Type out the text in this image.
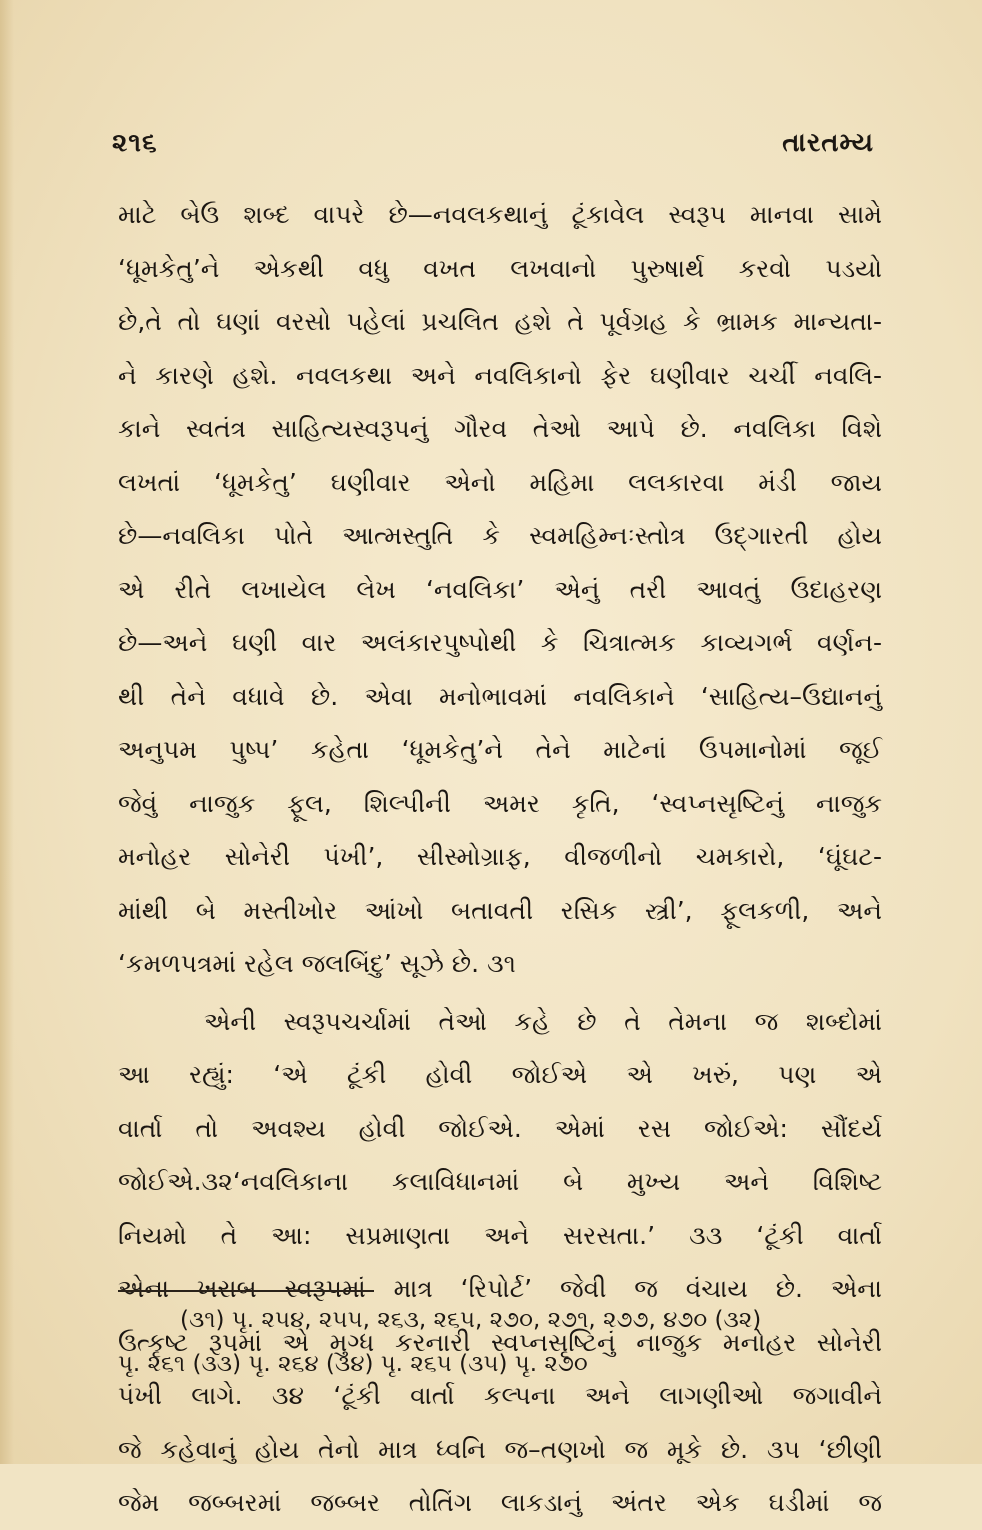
૨૧૬	તારતમ્ય

માટે બેઉ શબ્દ વાપરે છે—નવલકથાનું ટૂંકાવેલ સ્વરૂપ માનવા સામે
‘ધૂમકેતુ’ને એકથી વધુ વખત લખવાનો પુરુષાર્થ કરવો પડયો
છે,તે તો ઘણાં વરસો પહેલાં પ્રચલિત હશે તે પૂર્વગ્રહ કે ભ્રામક માન્યતા-
ને કારણે હશે. નવલકથા અને નવલિકાનો ફેર ઘણીવાર ચર્ચી નવલિ-
કાને સ્વતંત્ર સાહિત્યસ્વરૂપનું ગૌરવ તેઓ આપે છે. નવલિકા વિશે
લખતાં ‘ધૂમકેતુ’ ઘણીવાર એનો મહિમા લલકારવા મંડી જાય
છે—નવલિકા પોતે આત્મસ્તુતિ કે સ્વમહિમ્નઃસ્તોત્ર ઉદ્ગારતી હોય
એ રીતે લખાયેલ લેખ ‘નવલિકા’ એનું તરી આવતું ઉદાહરણ
છે—અને ઘણી વાર અલંકારપુષ્પોથી કે ચિત્રાત્મક કાવ્યગર્ભ વર્ણન-
થી તેને વધાવે છે. એવા મનોભાવમાં નવલિકાને ‘સાહિત્ય–ઉદ્યાનનું
અનુપમ પુષ્પ’ કહેતા ‘ધૂમકેતુ’ને તેને માટેનાં ઉપમાનોમાં જૂઈ
જેવું નાજુક ફૂલ, શિલ્પીની અમર કૃતિ, ‘સ્વપ્નસૃષ્ટિનું નાજુક
મનોહર સોનેરી પંખી’, સીસ્મોગ્રાફ, વીજળીનો ચમકારો, ‘ઘૂંઘટ-
માંથી બે મસ્તીખોર આંખો બતાવતી રસિક સ્ત્રી’, ફૂલકળી, અને
‘કમળપત્રમાં રહેલ જલબિંદુ’ સૂઝે છે. ૩૧

એની સ્વરૂપચર્ચામાં તેઓ કહે છે તે તેમના જ શબ્દોમાં
આ રહ્યું: ‘એ ટૂંકી હોવી જોઈએ એ ખરું, પણ એ
વાર્તા તો અવશ્ય હોવી જોઈએ. એમાં રસ જોઈએ: સૌંદર્ય
જોઈએ.૩૨‘નવલિકાના કલાવિધાનમાં બે મુખ્ય અને વિશિષ્ટ
નિયમો તે આ: સપ્રમાણતા અને સરસતા.’ ૩૩ ‘ટૂંકી વાર્તા
એના ખરાબ સ્વરૂપમાં માત્ર ‘રિપોર્ટ’ જેવી જ વંચાય છે. એના
ઉત્કૃષ્ટ રૂપમાં એ મુગ્ધ કરનારી સ્વપ્નસૃષ્ટિનું નાજુક મનોહર સોનેરી
પંખી લાગે. ૩૪ ‘ટૂંકી વાર્તા કલ્પના અને લાગણીઓ જગાવીને
જે કહેવાનું હોય તેનો માત્ર ધ્વનિ જ–તણખો જ મૂકે છે. ૩૫ ‘છીણી
જેમ જબ્બરમાં જબ્બર તોતિંગ લાકડાનું અંતર એક ઘડીમાં જ

(૩૧) પૃ. ૨૫૪, ૨૫૫, ૨૬૩, ૨૬૫, ૨૭૦, ૨૭૧, ૨૭૭, ૪૭૦ (૩૨)
પૃ. ૨૬૧ (૩૩) પૃ. ૨૬૪ (૩૪) પૃ. ૨૬૫ (૩૫) પૃ. ૨૭૦
